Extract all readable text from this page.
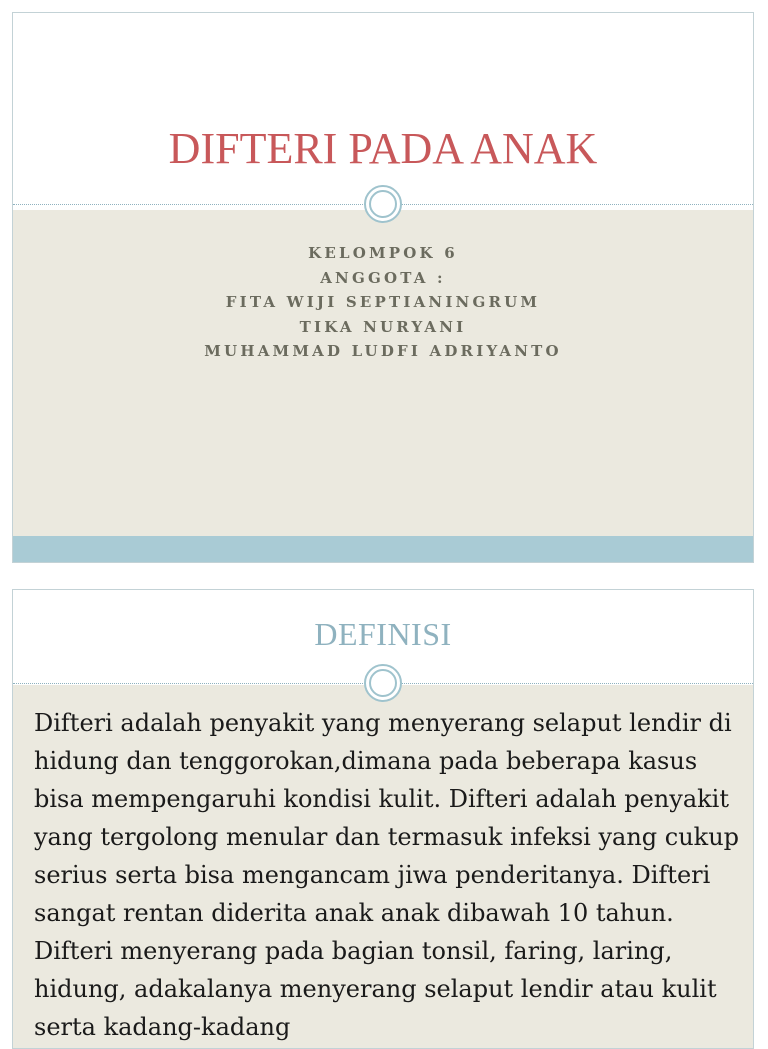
DIFTERI PADA ANAK
KELOMPOK 6
ANGGOTA :
FITA WIJI SEPTIANINGRUM
TIKA NURYANI
MUHAMMAD LUDFI ADRIYANTO
DEFINISI

Difteri adalah penyakit yang menyerang selaput lendir di hidung dan tenggorokan,dimana pada beberapa kasus bisa mempengaruhi kondisi kulit. Difteri adalah penyakit yang tergolong menular dan termasuk infeksi yang cukup serius serta bisa mengancam jiwa penderitanya. Difteri sangat rentan diderita anak anak dibawah 10 tahun. Difteri menyerang pada bagian tonsil, faring, laring, hidung, adakalanya menyerang selaput lendir atau kulit serta kadang-kadang
